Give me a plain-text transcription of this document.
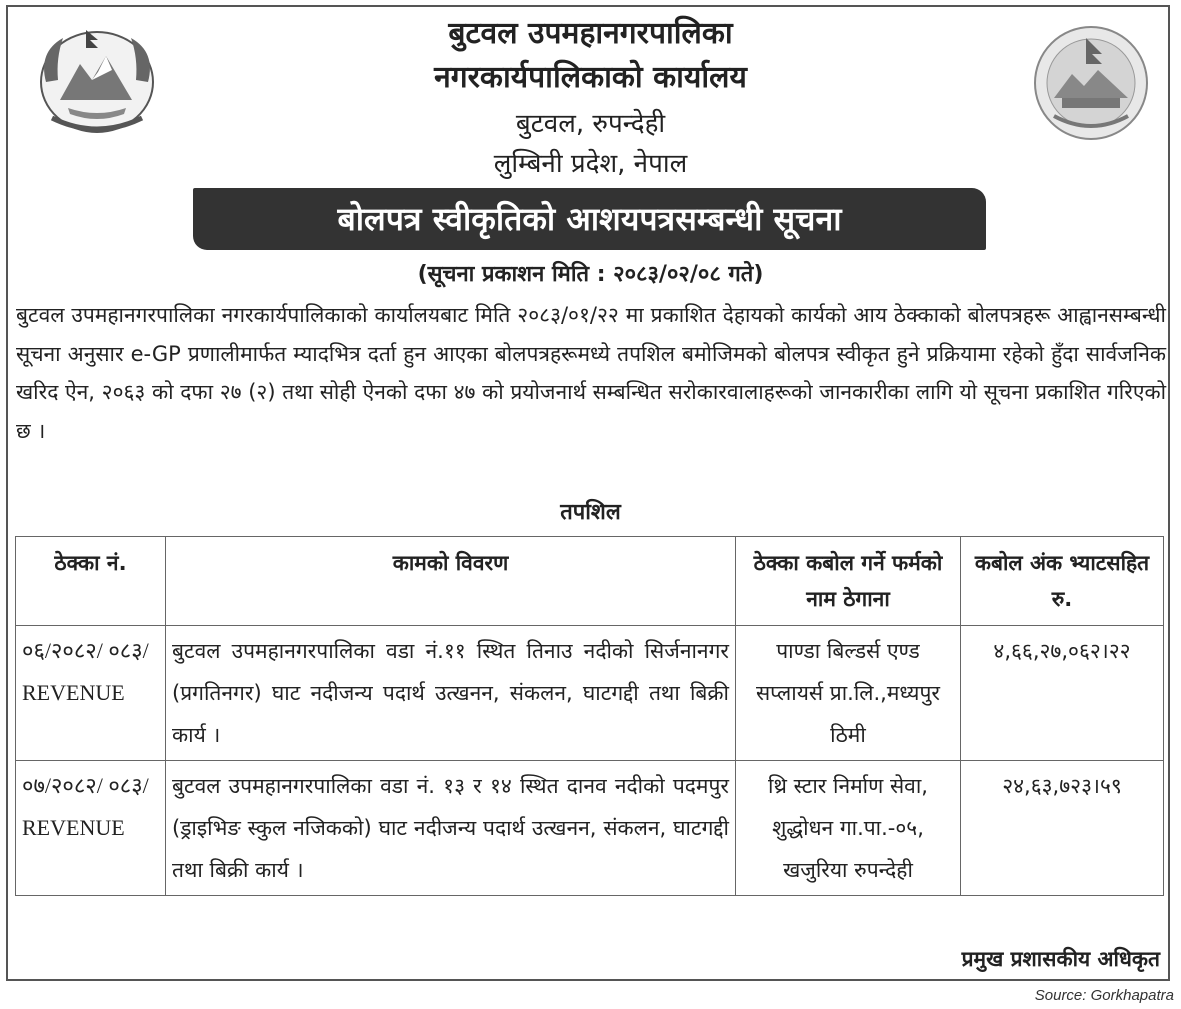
बुटवल उपमहानगरपालिका
नगरकार्यपालिकाको कार्यालय
बुटवल, रुपन्देही
लुम्बिनी प्रदेश, नेपाल
बोलपत्र स्वीकृतिको आशयपत्रसम्बन्धी सूचना
(सूचना प्रकाशन मिति : २०८३/०२/०८ गते)
बुटवल उपमहानगरपालिका नगरकार्यपालिकाको कार्यालयबाट मिति २०८३/०१/२२ मा प्रकाशित देहायको कार्यको आय ठेक्काको बोलपत्रहरू आह्वानसम्बन्धी सूचना अनुसार e-GP प्रणालीमार्फत म्यादभित्र दर्ता हुन आएका बोलपत्रहरूमध्ये तपशिल बमोजिमको बोलपत्र स्वीकृत हुने प्रक्रियामा रहेको हुँदा सार्वजनिक खरिद ऐन, २०६३ को दफा २७ (२) तथा सोही ऐनको दफा ४७ को प्रयोजनार्थ सम्बन्धित सरोकारवालाहरूको जानकारीका लागि यो सूचना प्रकाशित गरिएको छ ।
तपशिल
ठेक्का नं.	कामको विवरण	ठेक्का कबोल गर्ने फर्मको नाम ठेगाना	कबोल अंक भ्याटसहित रु.
०६/२०८२/ ०८३/ REVENUE	बुटवल उपमहानगरपालिका वडा नं.११ स्थित तिनाउ नदीको सिर्जनानगर (प्रगतिनगर) घाट नदीजन्य पदार्थ उत्खनन, संकलन, घाटगद्दी तथा बिक्री कार्य ।	पाण्डा बिल्डर्स एण्ड सप्लायर्स प्रा.लि.,मध्यपुर ठिमी	४,६६,२७,०६२।२२
०७/२०८२/ ०८३/ REVENUE	बुटवल उपमहानगरपालिका वडा नं. १३ र १४ स्थित दानव नदीको पदमपुर (ड्राइभिङ स्कुल नजिकको) घाट नदीजन्य पदार्थ उत्खनन, संकलन, घाटगद्दी तथा बिक्री कार्य ।	थ्रि स्टार निर्माण सेवा, शुद्धोधन गा.पा.-०५, खजुरिया रुपन्देही	२४,६३,७२३।५९
प्रमुख प्रशासकीय अधिकृत
Source: Gorkhapatra
